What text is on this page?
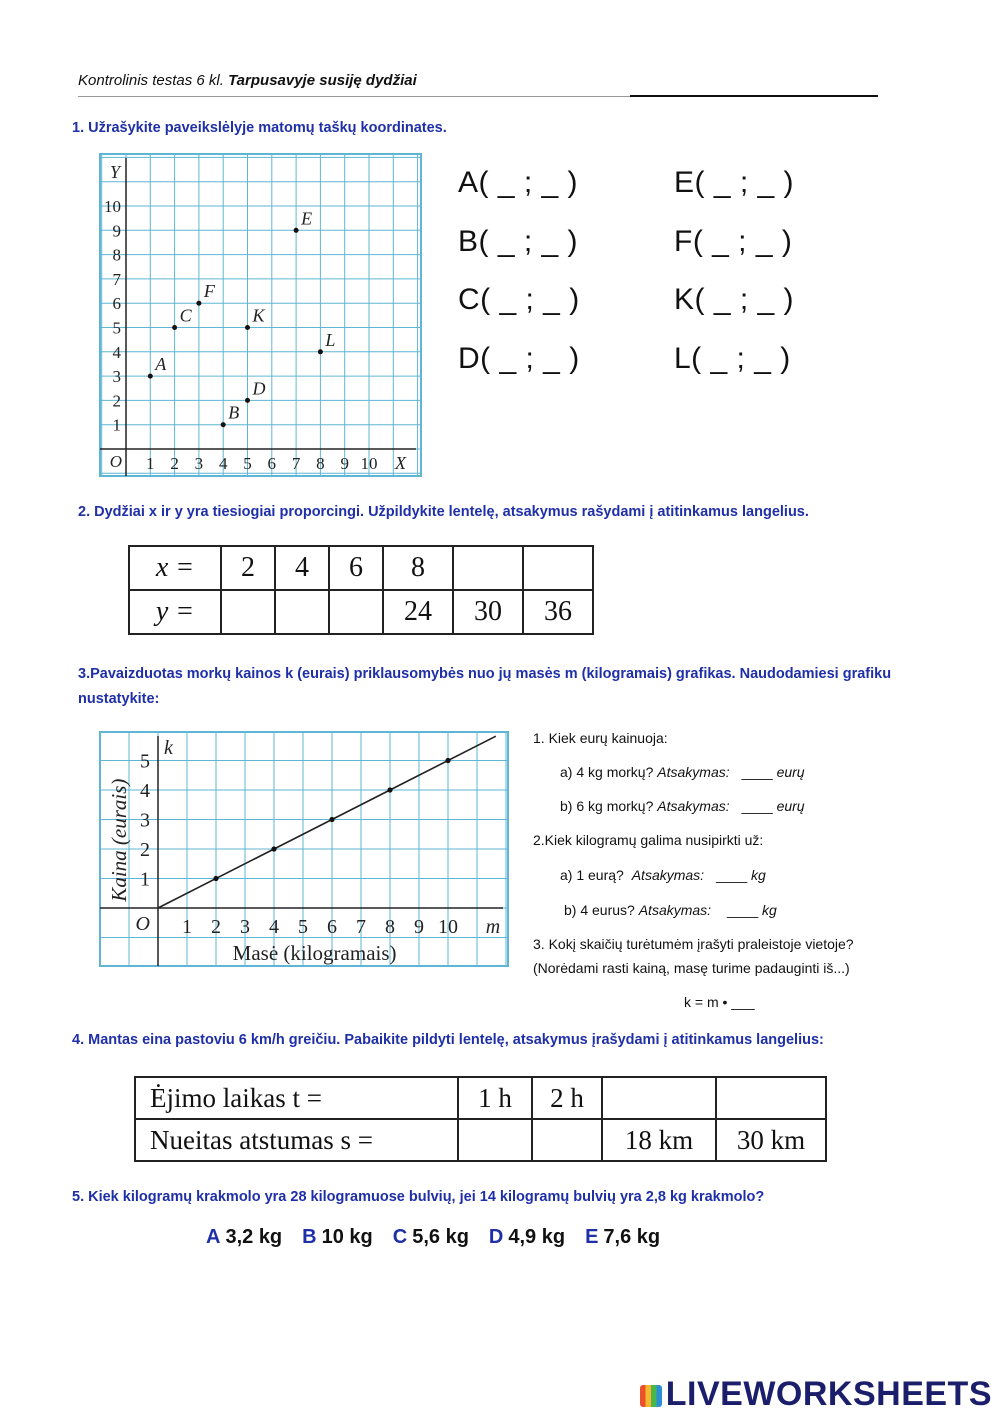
Kontrolinis testas 6 kl. Tarpusavyje susiję dydžiai
1. Užrašykite paveikslėlyje matomų taškų koordinates.
1 2 3 4 5 6 7 8 9 10
1
2
3
4
5
6
7
8
9
10
O	X
Y
A
B
C
D
E
F
K
L
A( _ ; _ )
B( _ ; _ )
C( _ ; _ )
D( _ ; _ )
E( _ ; _ )
F( _ ; _ )
K( _ ; _ )
L( _ ; _ )
2. Dydžiai x ir y yra tiesiogiai proporcingi. Užpildykite lentelę, atsakymus rašydami į atitinkamus langelius.
x =	2	4	6	8		
y =				24	30	36
3.Pavaizduotas morkų kainos k (eurais) priklausomybės nuo jų masės m (kilogramais) grafikas. Naudodamiesi grafiku
nustatykite:
1 2 3 4 5 6 7 8 9 10
1
2
3
4
5
O
k
m
Masė (kilogramais)
Kaina (eurais)
1. Kiek eurų kainuoja:
a) 4 kg morkų? Atsakymas: ____ eurų
b) 6 kg morkų? Atsakymas: ____ eurų
2.Kiek kilogramų galima nusipirkti už:
a) 1 eurą? Atsakymas: ____ kg
b) 4 eurus? Atsakymas: ____ kg
3. Kokį skaičių turėtumėm įrašyti praleistoje vietoje?
(Norėdami rasti kainą, masę turime padauginti iš...)
k = m • ___
4. Mantas eina pastoviu 6 km/h greičiu. Pabaikite pildyti lentelę, atsakymus įrašydami į atitinkamus langelius:
Ėjimo laikas t =	1 h	2 h		
Nueitas atstumas s =			18 km	30 km
5. Kiek kilogramų krakmolo yra 28 kilogramuose bulvių, jei 14 kilogramų bulvių yra 2,8 kg krakmolo?
A 3,2 kg B 10 kg C 5,6 kg D 4,9 kg E 7,6 kg
LIVEWORKSHEETS
